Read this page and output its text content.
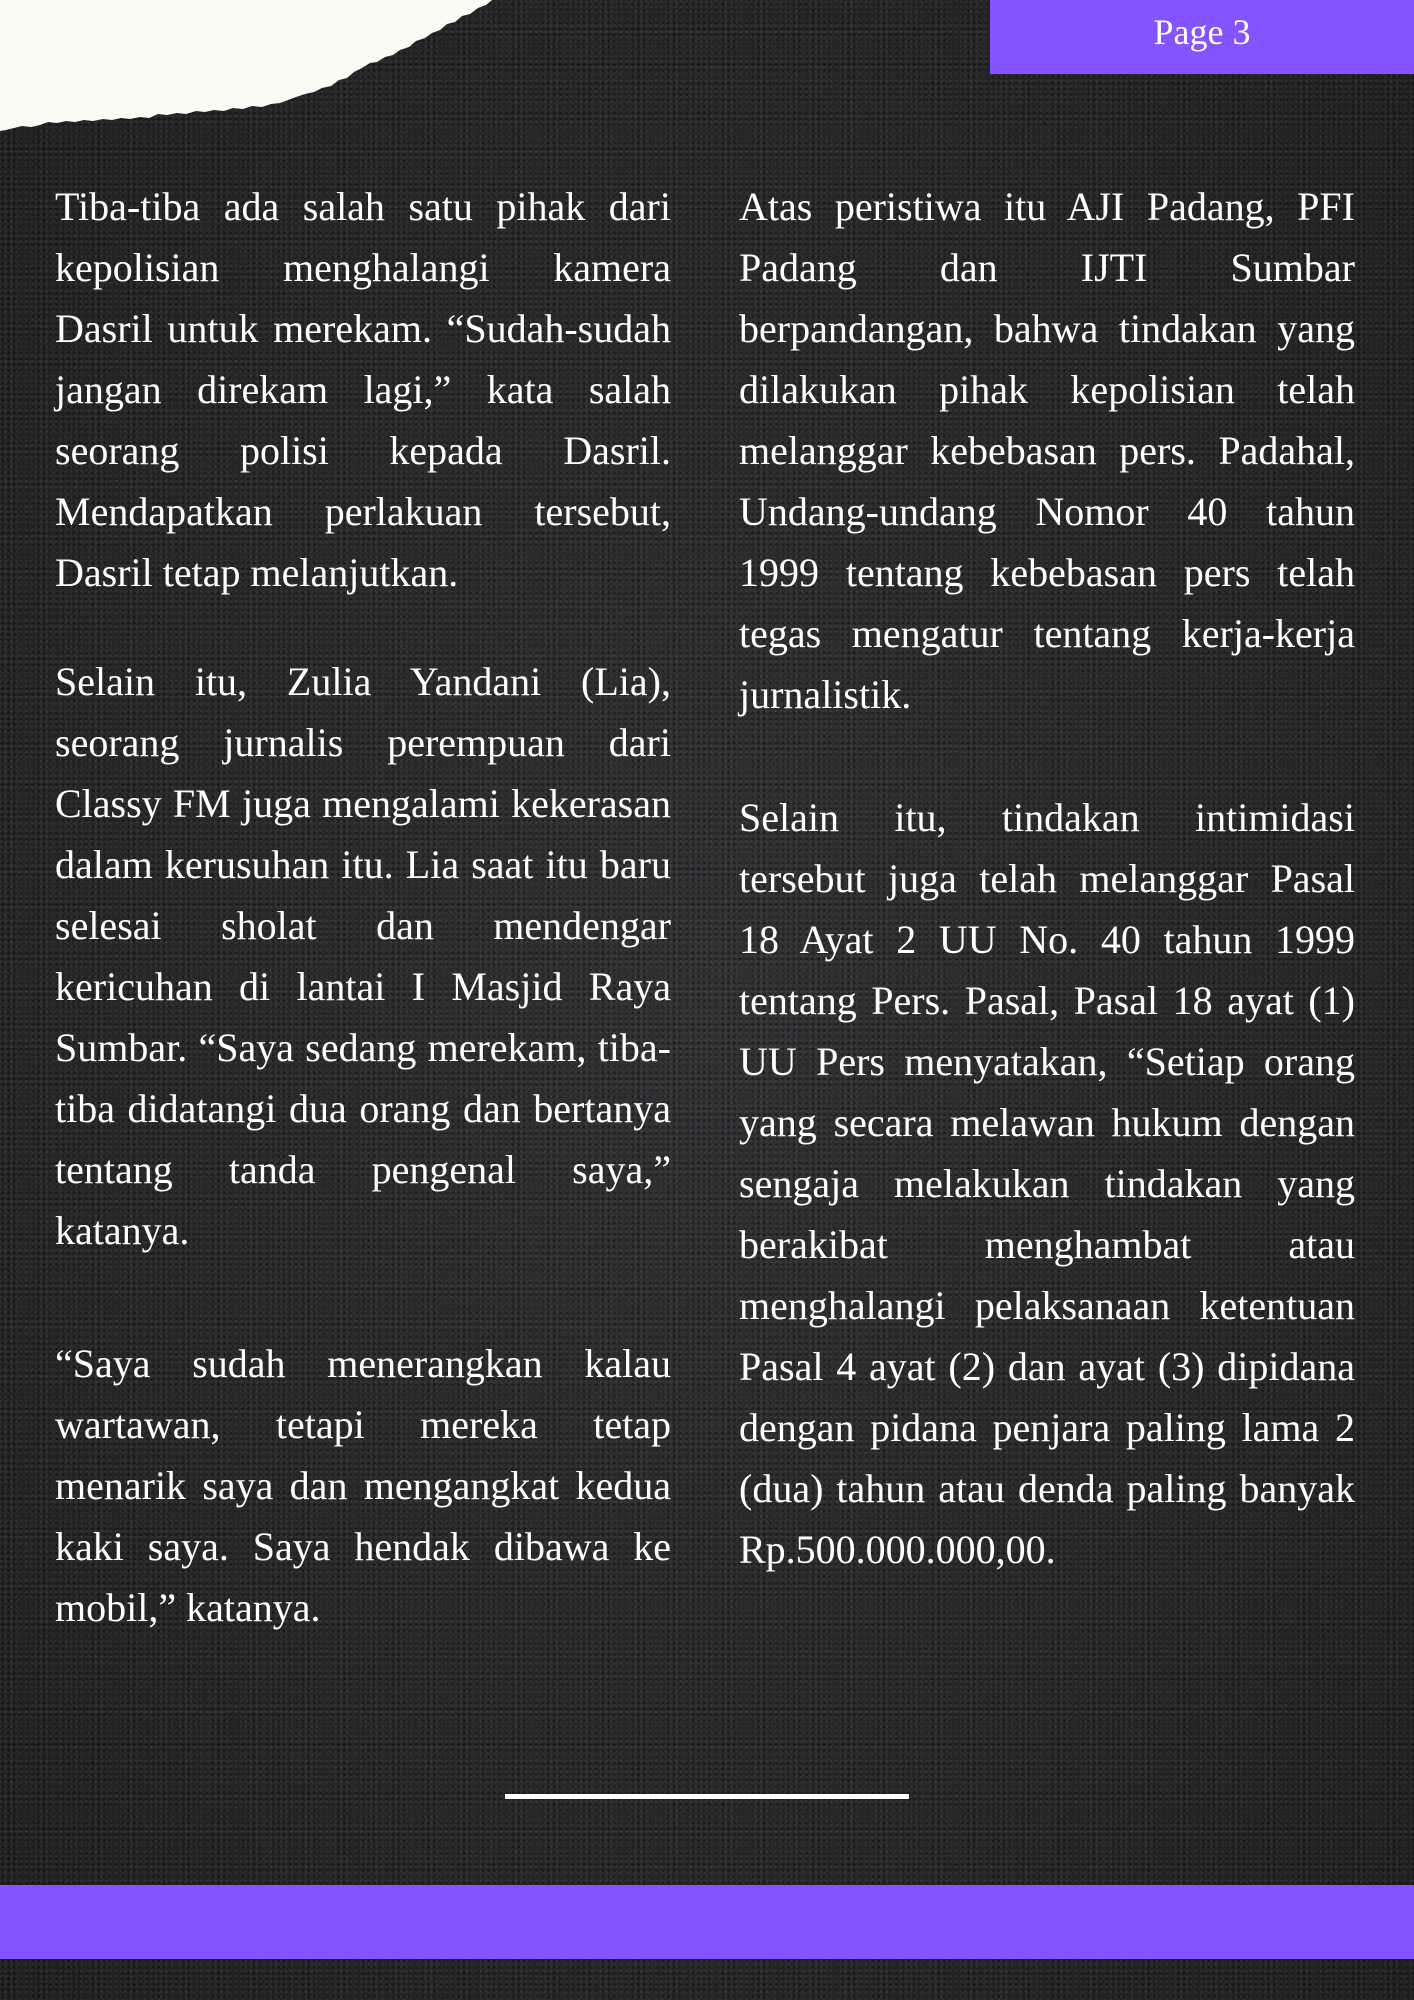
Page 3

Tiba-tiba ada salah satu pihak dari kepolisian menghalangi kamera Dasril untuk merekam. “Sudah-sudah jangan direkam lagi,” kata salah seorang polisi kepada Dasril. Mendapatkan perlakuan tersebut, Dasril tetap melanjutkan.

Selain itu, Zulia Yandani (Lia), seorang jurnalis perempuan dari Classy FM juga mengalami kekerasan dalam kerusuhan itu. Lia saat itu baru selesai sholat dan mendengar kericuhan di lantai I Masjid Raya Sumbar. “Saya sedang merekam, tiba-tiba didatangi dua orang dan bertanya tentang tanda pengenal saya,” katanya.

“Saya sudah menerangkan kalau wartawan, tetapi mereka tetap menarik saya dan mengangkat kedua kaki saya. Saya hendak dibawa ke mobil,” katanya.

Atas peristiwa itu AJI Padang, PFI Padang dan IJTI Sumbar berpandangan, bahwa tindakan yang dilakukan pihak kepolisian telah melanggar kebebasan pers. Padahal, Undang-undang Nomor 40 tahun 1999 tentang kebebasan pers telah tegas mengatur tentang kerja-kerja jurnalistik.

Selain itu, tindakan intimidasi tersebut juga telah melanggar Pasal 18 Ayat 2 UU No. 40 tahun 1999 tentang Pers. Pasal, Pasal 18 ayat (1) UU Pers menyatakan, “Setiap orang yang secara melawan hukum dengan sengaja melakukan tindakan yang berakibat menghambat atau menghalangi pelaksanaan ketentuan Pasal 4 ayat (2) dan ayat (3) dipidana dengan pidana penjara paling lama 2 (dua) tahun atau denda paling banyak Rp.500.000.000,00.
